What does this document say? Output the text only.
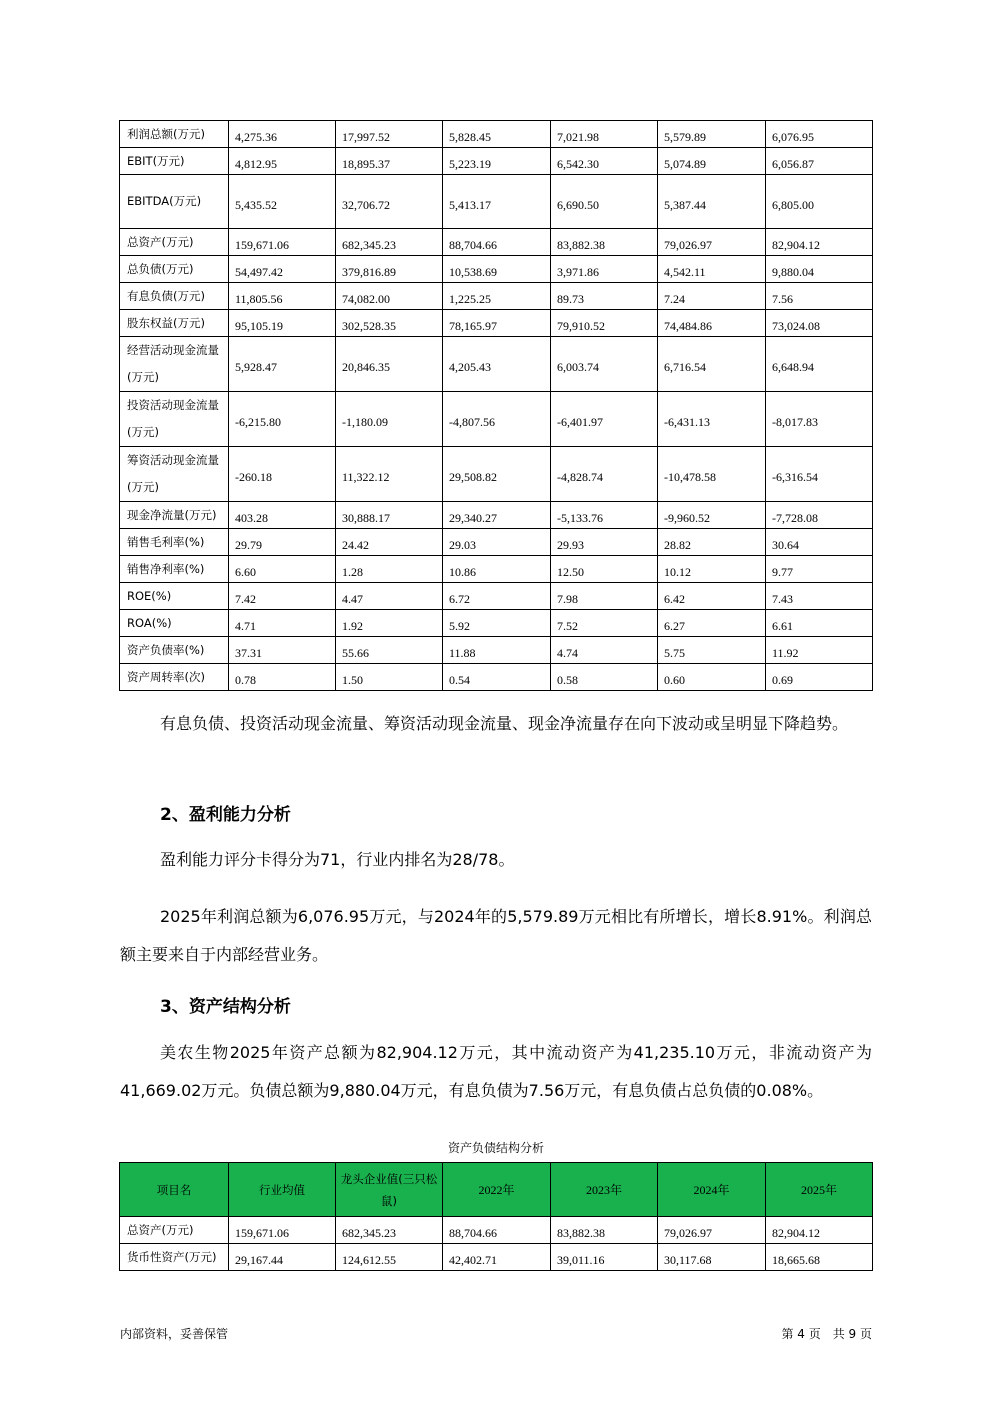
利润总额(万元)	4,275.36	17,997.52	5,828.45	7,021.98	5,579.89	6,076.95
EBIT(万元)	4,812.95	18,895.37	5,223.19	6,542.30	5,074.89	6,056.87
EBITDA(万元)	5,435.52	32,706.72	5,413.17	6,690.50	5,387.44	6,805.00
总资产(万元)	159,671.06	682,345.23	88,704.66	83,882.38	79,026.97	82,904.12
总负债(万元)	54,497.42	379,816.89	10,538.69	3,971.86	4,542.11	9,880.04
有息负债(万元)	11,805.56	74,082.00	1,225.25	89.73	7.24	7.56
股东权益(万元)	95,105.19	302,528.35	78,165.97	79,910.52	74,484.86	73,024.08
经营活动现金流量(万元)	5,928.47	20,846.35	4,205.43	6,003.74	6,716.54	6,648.94
投资活动现金流量(万元)	-6,215.80	-1,180.09	-4,807.56	-6,401.97	-6,431.13	-8,017.83
筹资活动现金流量(万元)	-260.18	11,322.12	29,508.82	-4,828.74	-10,478.58	-6,316.54
现金净流量(万元)	403.28	30,888.17	29,340.27	-5,133.76	-9,960.52	-7,728.08
销售毛利率(%)	29.79	24.42	29.03	29.93	28.82	30.64
销售净利率(%)	6.60	1.28	10.86	12.50	10.12	9.77
ROE(%)	7.42	4.47	6.72	7.98	6.42	7.43
ROA(%)	4.71	1.92	5.92	7.52	6.27	6.61
资产负债率(%)	37.31	55.66	11.88	4.74	5.75	11.92
资产周转率(次)	0.78	1.50	0.54	0.58	0.60	0.69

有息负债、投资活动现金流量、筹资活动现金流量、现金净流量存在向下波动或呈明显下降趋势。

2、盈利能力分析

盈利能力评分卡得分为71，行业内排名为28/78。

2025年利润总额为6,076.95万元，与2024年的5,579.89万元相比有所增长，增长8.91%。利润总额主要来自于内部经营业务。

3、资产结构分析

美农生物2025年资产总额为82,904.12万元，其中流动资产为41,235.10万元，非流动资产为41,669.02万元。负债总额为9,880.04万元，有息负债为7.56万元，有息负债占总负债的0.08%。

资产负债结构分析
项目名	行业均值	龙头企业值(三只松鼠)	2022年	2023年	2024年	2025年
总资产(万元)	159,671.06	682,345.23	88,704.66	83,882.38	79,026.97	82,904.12
货币性资产(万元)	29,167.44	124,612.55	42,402.71	39,011.16	30,117.68	18,665.68
内部资料，妥善保管	第 4 页　共 9 页
